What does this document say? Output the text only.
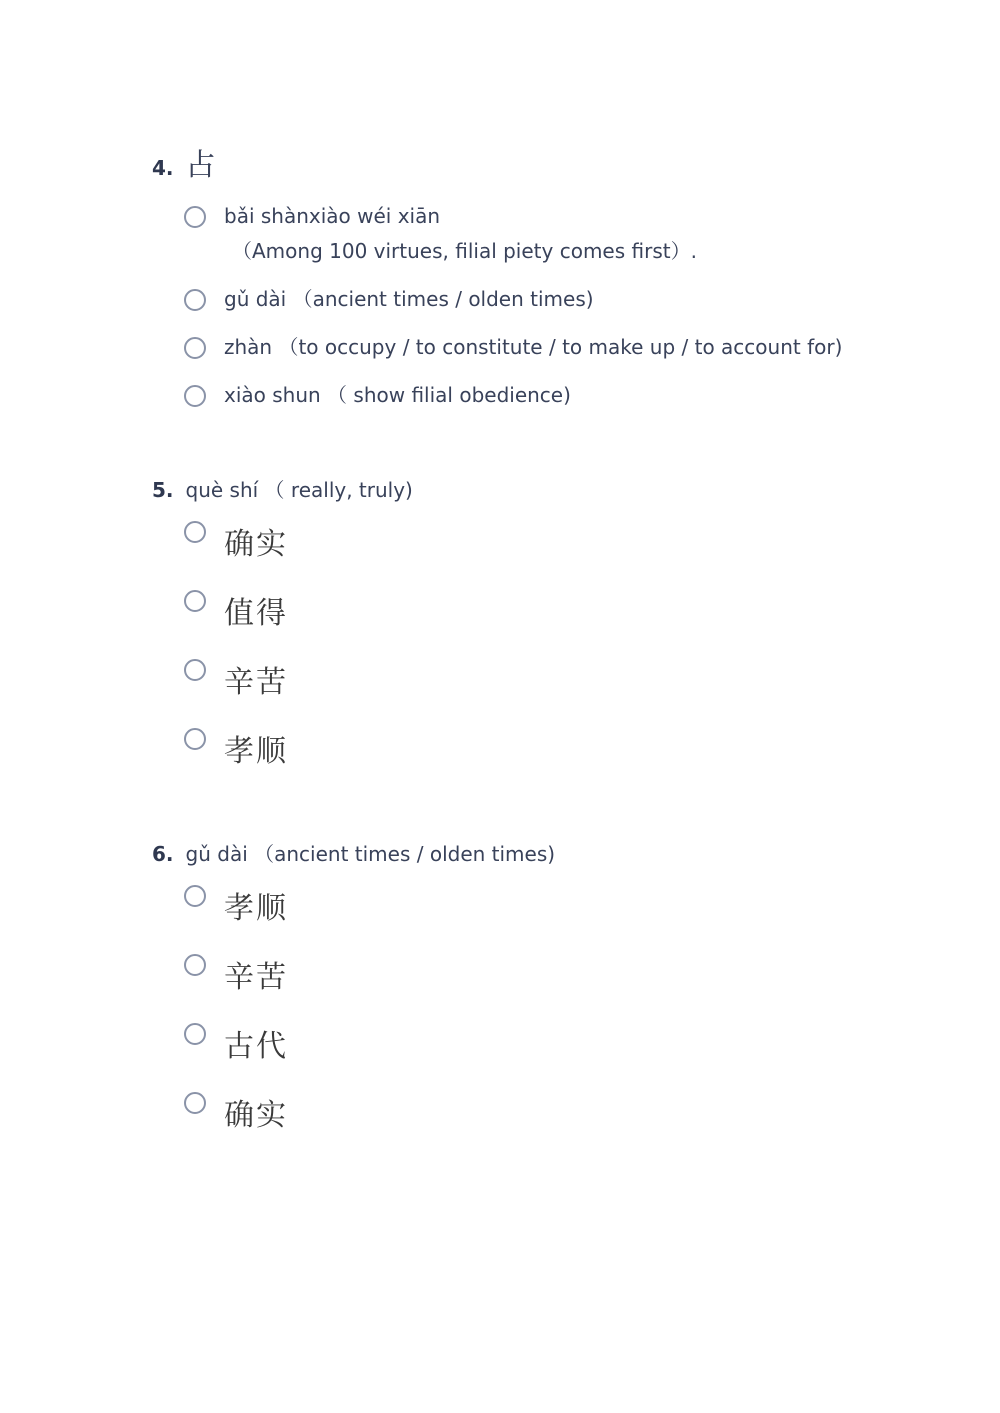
4. 占
bǎi shànxiào wéi xiān
（Among 100 virtues, filial piety comes first）.
gǔ dài （ancient times / olden times)
zhàn （to occupy / to constitute / to make up / to account for)
xiào shun （ show filial obedience)
5. què shí （ really, truly)
确实
值得
辛苦
孝顺
6. gǔ dài （ancient times / olden times)
孝顺
辛苦
古代
确实
